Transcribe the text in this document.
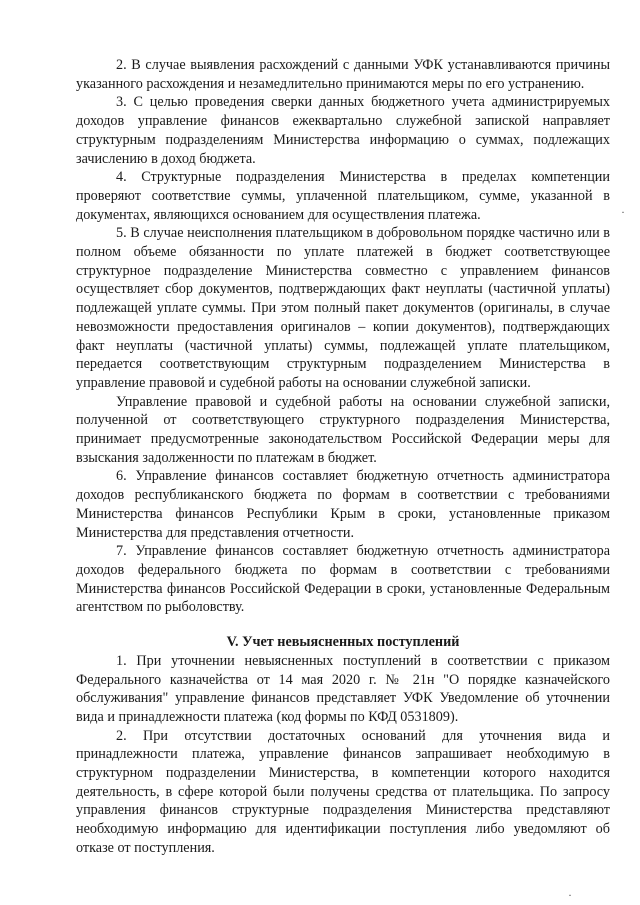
2. В случае выявления расхождений с данными УФК устанавливаются причины указанного расхождения и незамедлительно принимаются меры по его устранению.

3. С целью проведения сверки данных бюджетного учета администрируемых доходов управление финансов ежеквартально служебной запиской направляет структурным подразделениям Министерства информацию о суммах, подлежащих зачислению в доход бюджета.

4. Структурные подразделения Министерства в пределах компетенции проверяют соответствие суммы, уплаченной плательщиком, сумме, указанной в документах, являющихся основанием для осуществления платежа.

5. В случае неисполнения плательщиком в добровольном порядке частично или в полном объеме обязанности по уплате платежей в бюджет соответствующее структурное подразделение Министерства совместно с управлением финансов осуществляет сбор документов, подтверждающих факт неуплаты (частичной уплаты) подлежащей уплате суммы. При этом полный пакет документов (оригиналы, в случае невозможности предоставления оригиналов – копии документов), подтверждающих факт неуплаты (частичной уплаты) суммы, подлежащей уплате плательщиком, передается соответствующим структурным подразделением Министерства в управление правовой и судебной работы на основании служебной записки.

Управление правовой и судебной работы на основании служебной записки, полученной от соответствующего структурного подразделения Министерства, принимает предусмотренные законодательством Российской Федерации меры для взыскания задолженности по платежам в бюджет.

6. Управление финансов составляет бюджетную отчетность администратора доходов республиканского бюджета по формам в соответствии с требованиями Министерства финансов Республики Крым в сроки, установленные приказом Министерства для представления отчетности.

7. Управление финансов составляет бюджетную отчетность администратора доходов федерального бюджета по формам в соответствии с требованиями Министерства финансов Российской Федерации в сроки, установленные Федеральным агентством по рыболовству.

V. Учет невыясненных поступлений

1. При уточнении невыясненных поступлений в соответствии с приказом Федерального казначейства от 14 мая 2020 г. № 21н "О порядке казначейского обслуживания" управление финансов представляет УФК Уведомление об уточнении вида и принадлежности платежа (код формы по КФД 0531809).

2. При отсутствии достаточных оснований для уточнения вида и принадлежности платежа, управление финансов запрашивает необходимую в структурном подразделении Министерства, в компетенции которого находится деятельность, в сфере которой были получены средства от плательщика. По запросу управления финансов структурные подразделения Министерства представляют необходимую информацию для идентификации поступления либо уведомляют об отказе от поступления.

·
·
